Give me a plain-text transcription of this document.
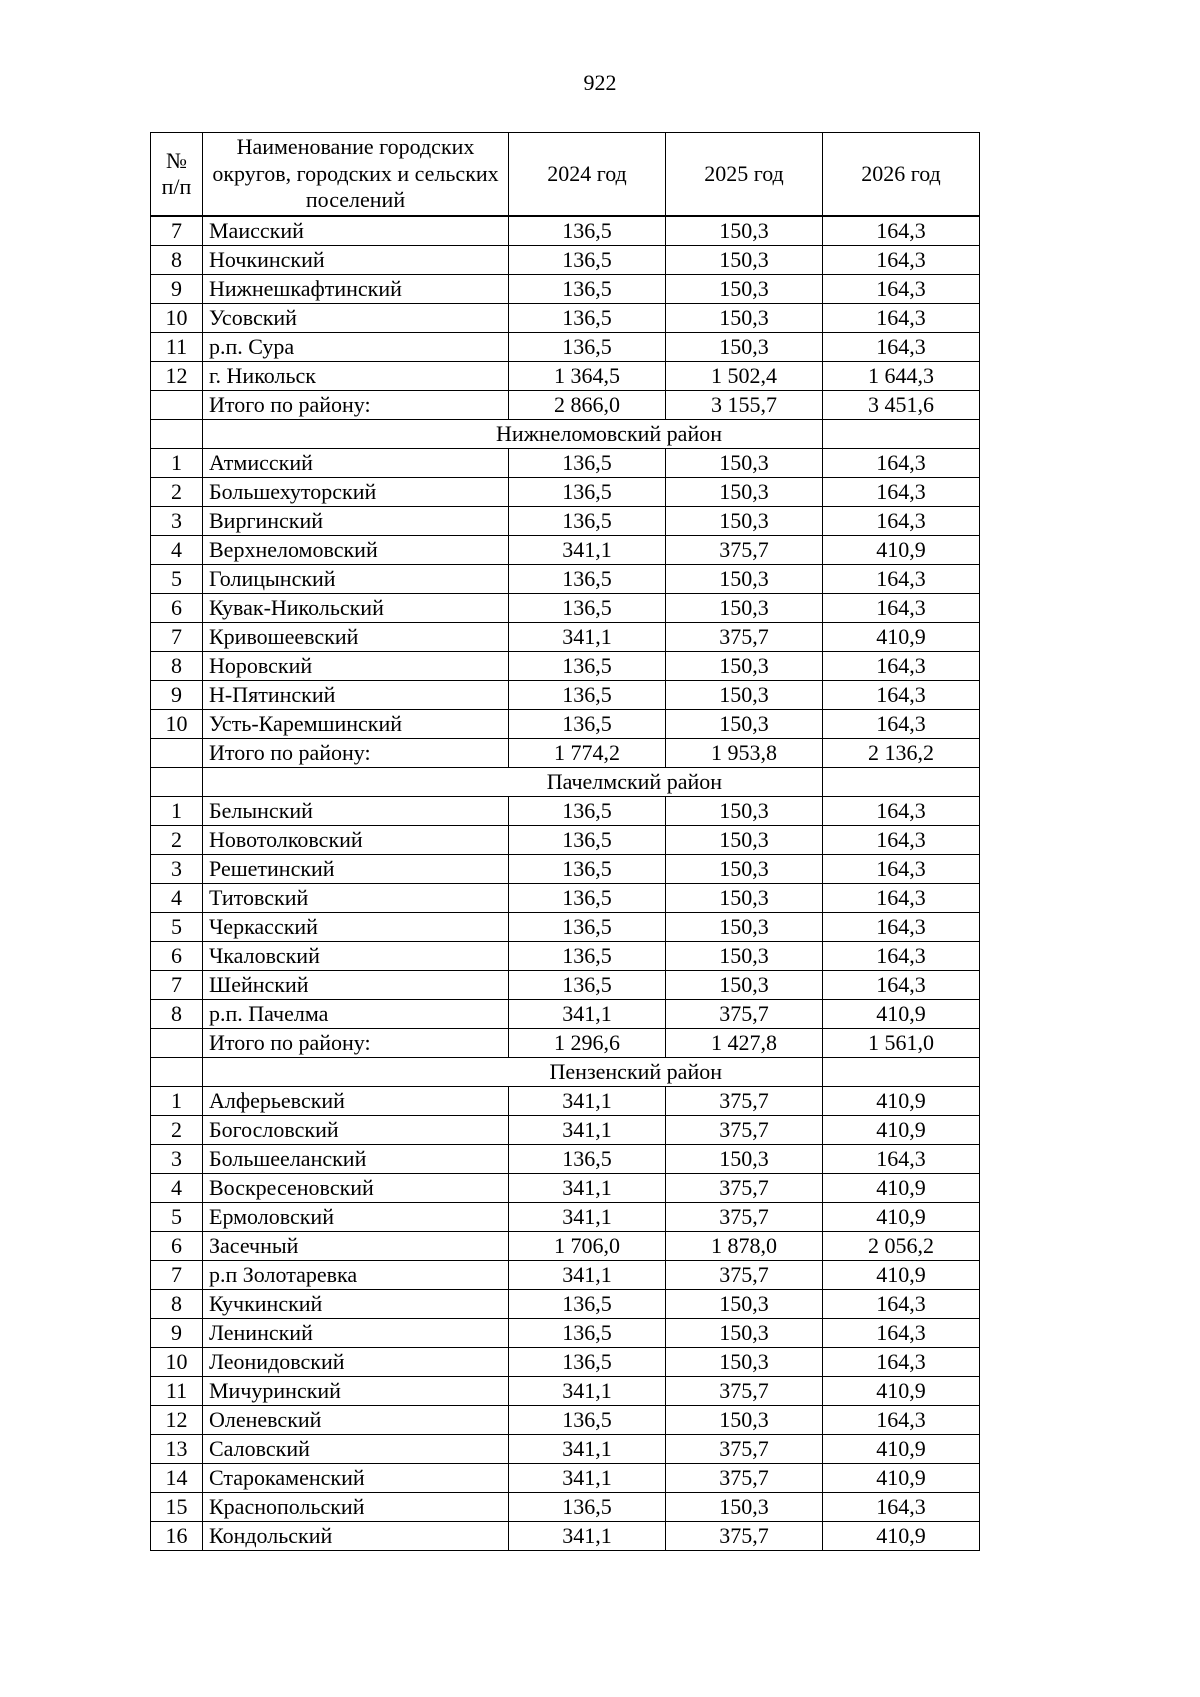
922
№ п/п	Наименование городских округов, городских и сельских поселений	2024 год	2025 год	2026 год
7	Маисский	136,5	150,3	164,3
8	Ночкинский	136,5	150,3	164,3
9	Нижнешкафтинский	136,5	150,3	164,3
10	Усовский	136,5	150,3	164,3
11	р.п. Сура	136,5	150,3	164,3
12	г. Никольск	1 364,5	1 502,4	1 644,3
	Итого по району:	2 866,0	3 155,7	3 451,6
	Нижнеломовский район			
1	Атмисский	136,5	150,3	164,3
2	Большехуторский	136,5	150,3	164,3
3	Виргинский	136,5	150,3	164,3
4	Верхнеломовский	341,1	375,7	410,9
5	Голицынский	136,5	150,3	164,3
6	Кувак-Никольский	136,5	150,3	164,3
7	Кривошеевский	341,1	375,7	410,9
8	Норовский	136,5	150,3	164,3
9	Н-Пятинский	136,5	150,3	164,3
10	Усть-Каремшинский	136,5	150,3	164,3
	Итого по району:	1 774,2	1 953,8	2 136,2
	Пачелмский район			
1	Белынский	136,5	150,3	164,3
2	Новотолковский	136,5	150,3	164,3
3	Решетинский	136,5	150,3	164,3
4	Титовский	136,5	150,3	164,3
5	Черкасский	136,5	150,3	164,3
6	Чкаловский	136,5	150,3	164,3
7	Шейнский	136,5	150,3	164,3
8	р.п. Пачелма	341,1	375,7	410,9
	Итого по району:	1 296,6	1 427,8	1 561,0
	Пензенский район			
1	Алферьевский	341,1	375,7	410,9
2	Богословский	341,1	375,7	410,9
3	Большееланский	136,5	150,3	164,3
4	Воскресеновский	341,1	375,7	410,9
5	Ермоловский	341,1	375,7	410,9
6	Засечный	1 706,0	1 878,0	2 056,2
7	р.п Золотаревка	341,1	375,7	410,9
8	Кучкинский	136,5	150,3	164,3
9	Ленинский	136,5	150,3	164,3
10	Леонидовский	136,5	150,3	164,3
11	Мичуринский	341,1	375,7	410,9
12	Оленевский	136,5	150,3	164,3
13	Саловский	341,1	375,7	410,9
14	Старокаменский	341,1	375,7	410,9
15	Краснопольский	136,5	150,3	164,3
16	Кондольский	341,1	375,7	410,9
